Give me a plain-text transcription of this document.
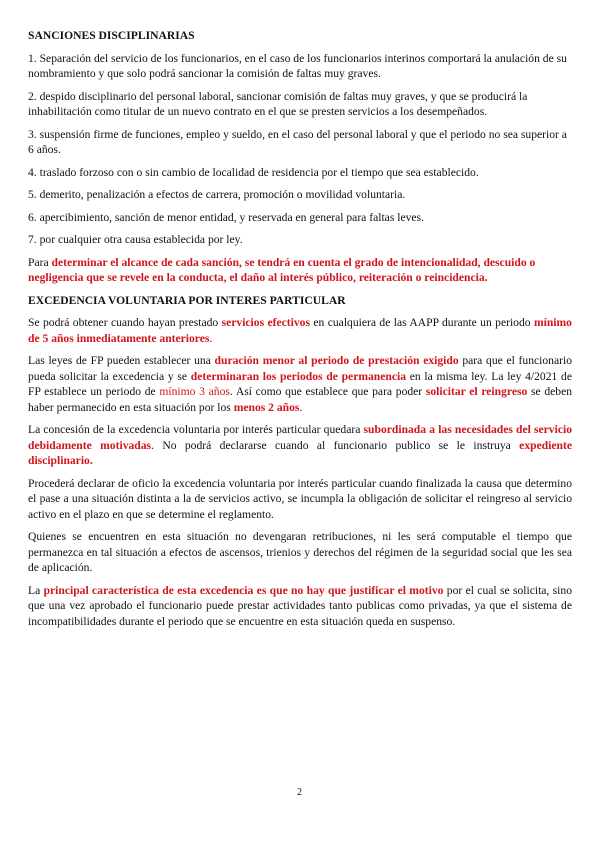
SANCIONES DISCIPLINARIAS

1. Separación del servicio de los funcionarios, en el caso de los funcionarios interinos comportará la anulación de su nombramiento y que solo podrá sancionar la comisión de faltas muy graves.

2. despido disciplinario del personal laboral, sancionar comisión de faltas muy graves, y que se producirá la inhabilitación como titular de un nuevo contrato en el que se presten servicios a los desempeñados.

3. suspensión firme de funciones, empleo y sueldo, en el caso del personal laboral y que el periodo no sea superior a 6 años.

4. traslado forzoso con o sin cambio de localidad de residencia por el tiempo que sea establecido.

5. demerito, penalización a efectos de carrera, promoción o movilidad voluntaria.

6. apercibimiento, sanción de menor entidad, y reservada en general para faltas leves.

7. por cualquier otra causa establecida por ley.

Para determinar el alcance de cada sanción, se tendrá en cuenta el grado de intencionalidad, descuido o negligencia que se revele en la conducta, el daño al interés público, reiteración o reincidencia.

EXCEDENCIA VOLUNTARIA POR INTERES PARTICULAR

Se podrá obtener cuando hayan prestado servicios efectivos en cualquiera de las AAPP durante un periodo mínimo de 5 años inmediatamente anteriores.

Las leyes de FP pueden establecer una duración menor al periodo de prestación exigido para que el funcionario pueda solicitar la excedencia y se determinaran los periodos de permanencia en la misma ley. La ley 4/2021 de FP establece un periodo de mínimo 3 años. Así como que establece que para poder solicitar el reingreso se deben haber permanecido en esta situación por los menos 2 años.

La concesión de la excedencia voluntaria por interés particular quedara subordinada a las necesidades del servicio debidamente motivadas. No podrá declararse cuando al funcionario publico se le instruya expediente disciplinario.

Procederá declarar de oficio la excedencia voluntaria por interés particular cuando finalizada la causa que determino el pase a una situación distinta a la de servicios activo, se incumpla la obligación de solicitar el reingreso al servicio activo en el plazo en que se determine el reglamento.

Quienes se encuentren en esta situación no devengaran retribuciones, ni les será computable el tiempo que permanezca en tal situación a efectos de ascensos, trienios y derechos del régimen de la seguridad social que les sea de aplicación.

La principal característica de esta excedencia es que no hay que justificar el motivo por el cual se solicita, sino que una vez aprobado el funcionario puede prestar actividades tanto publicas como privadas, ya que el sistema de incompatibilidades durante el periodo que se encuentre en esta situación queda en suspenso.

2
